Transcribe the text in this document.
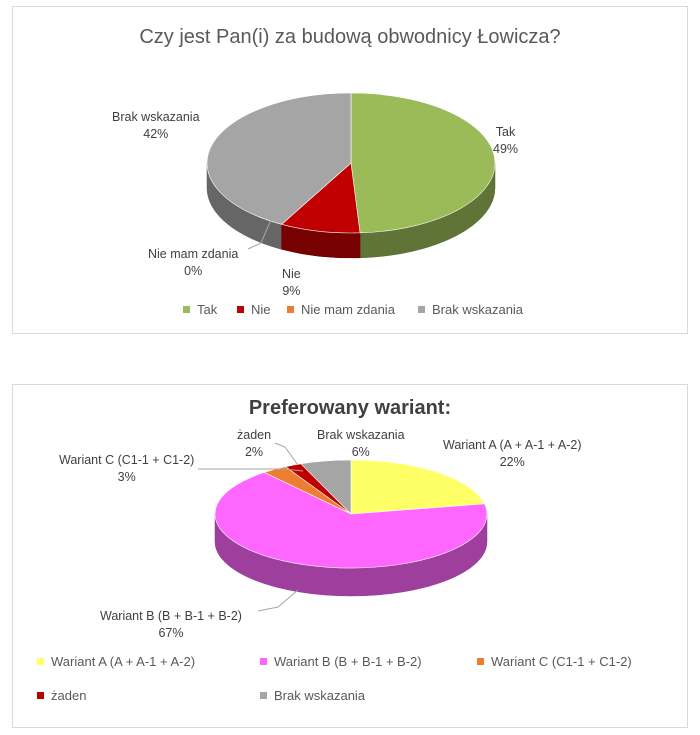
Czy jest Pan(i) za budową obwodnicy Łowicza?
Tak
49%
Nie
9%
Nie mam zdania
0%
Brak wskazania
42%
Tak	Nie Nie mam zdania	Brak wskazania
Preferowany wariant:
Wariant A (A + A-1 + A-2)
22%
Wariant B (B + B-1 + B-2)
67%
Wariant C (C1-1 + C1-2)
3%
żaden
2%
Brak wskazania
6%
Wariant A (A + A-1 + A-2)	Wariant B (B + B-1 + B-2)	Wariant C (C1-1 + C1-2)
żaden	Brak wskazania
